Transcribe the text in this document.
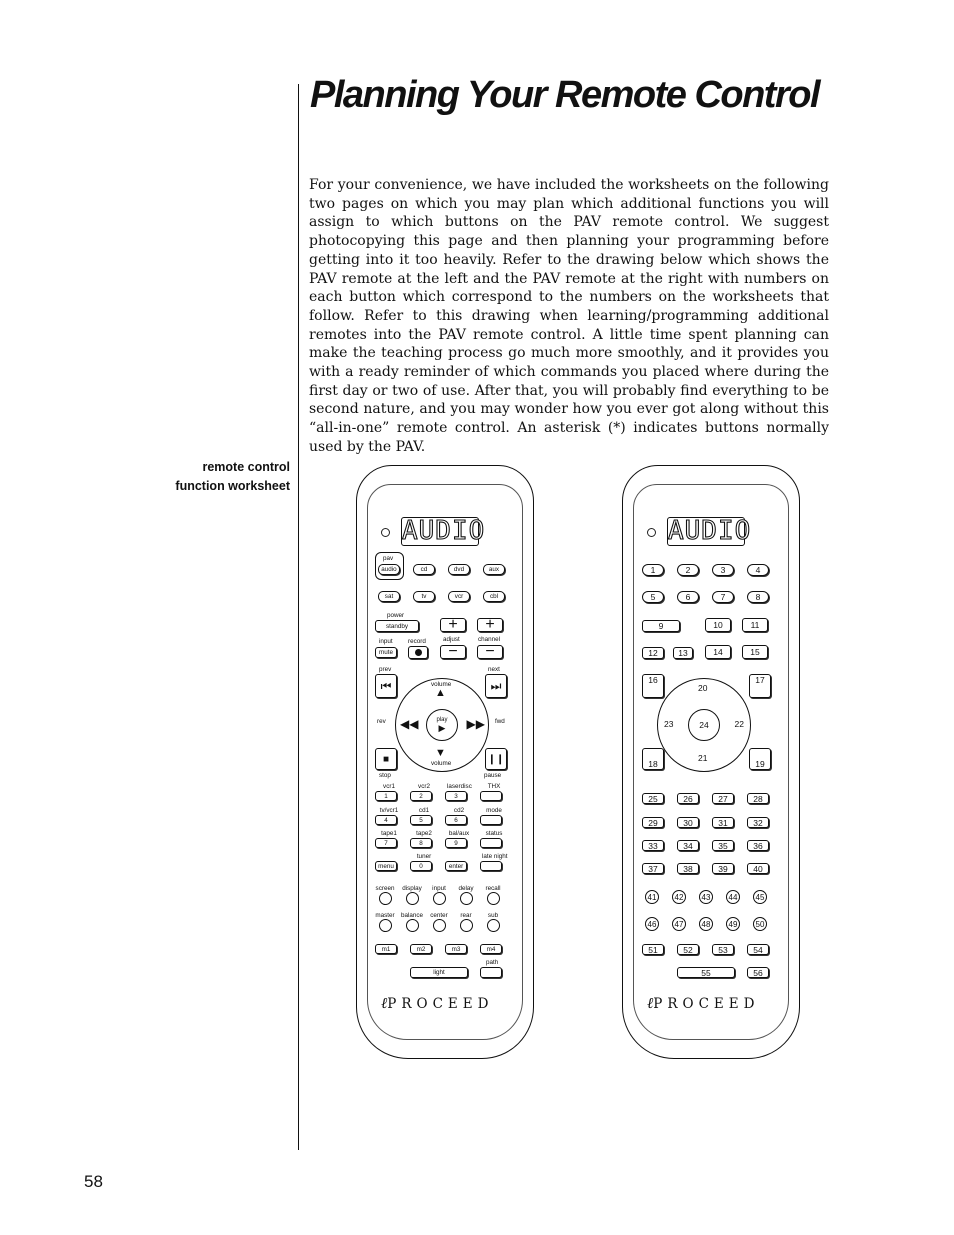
Planning Your Remote Control

For your convenience, we have included the worksheets on the following two pages on which you may plan which additional functions you will assign to which buttons on the PAV remote control. We suggest photocopying this page and then planning your programming before getting into it too heavily. Refer to the drawing below which shows the PAV remote at the left and the PAV remote at the right with numbers on each button which correspond to the numbers on the worksheets that follow. Refer to this drawing when learning/programming additional remotes into the PAV remote control. A little time spent planning can make the teaching process go much more smoothly, and it provides you with a ready reminder of which commands you placed where during the first day or two of use. After that, you will probably find everything to be second nature, and you may wonder how you ever got along without this “all-in-one” remote control. An asterisk (*) indicates buttons normally used by the PAV.

remote control
function worksheet
58
AUDIO
pav
audio	cd	dvd	aux
sat	tv	vcr	cbl
power
standby
input record	adjust	channel
+	+
mute	−	−
prev	next
⏮	⏭
volume
▲
◀◀	▶▶
▼
volume
play
▶
rev	fwd
■	❙❙
stop	pause
ℓPROCEED
vcr1
1
vcr2
2
laserdisc
3
THX
tv/vcr1
4
cd1
5
cd2
6
mode
tape1
7
tape2
8
bal/aux
9
status
menu
tuner
0	enter
late night
screen
master
display
balance
input
center
delay
rear
recall
sub
m1	m2	m3	m4
path
light
AUDIO
20
23	22
21
24
ℓPROCEED
1	2	3	4
5	6	7	8
9	10	11
12	13	14	15
16	17
18	19
25	26	27	28
29	30	31	32
33	34	35	36
37	38	39	40
41	42	43	44	45
46	47	48	49	50
51	52	53	54
55	56
